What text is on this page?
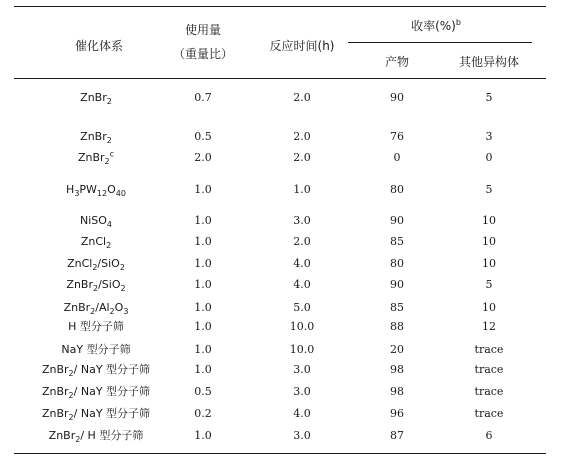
催化体系
使用量
（重量比）
反应时间(h)
收率(%)$^b$
产物	其他异构体
ZnBr$_2$	0.7	2.0	90	5
ZnBr$_2$	0.5	2.0	76	3
ZnBr$_2^c$	2.0	2.0	0	0
$H_3PW_{12}O_{40}$	1.0	1.0	80	5
NiSO$_4$	1.0	3.0	90	10
ZnCl$_2$	1.0	2.0	85	10
ZnCl$_2$/SiO$_2$	1.0	4.0	80	10
ZnBr$_2$/SiO$_2$	1.0	4.0	90	5
$ZnBr_2/Al_2O_3$	1.0	5.0	85	10
H 型分子筛	1.0	10.0	88	12
NaY 型分子筛	1.0	10.0	20	trace
ZnBr$_2$/ NaY 型分子筛	1.0	3.0	98	trace
ZnBr$_2$/ NaY 型分子筛	0.5	3.0	98	trace
ZnBr$_2$/ NaY 型分子筛	0.2	4.0	96	trace
ZnBr$_2$/ H 型分子筛	1.0	3.0	87	6
